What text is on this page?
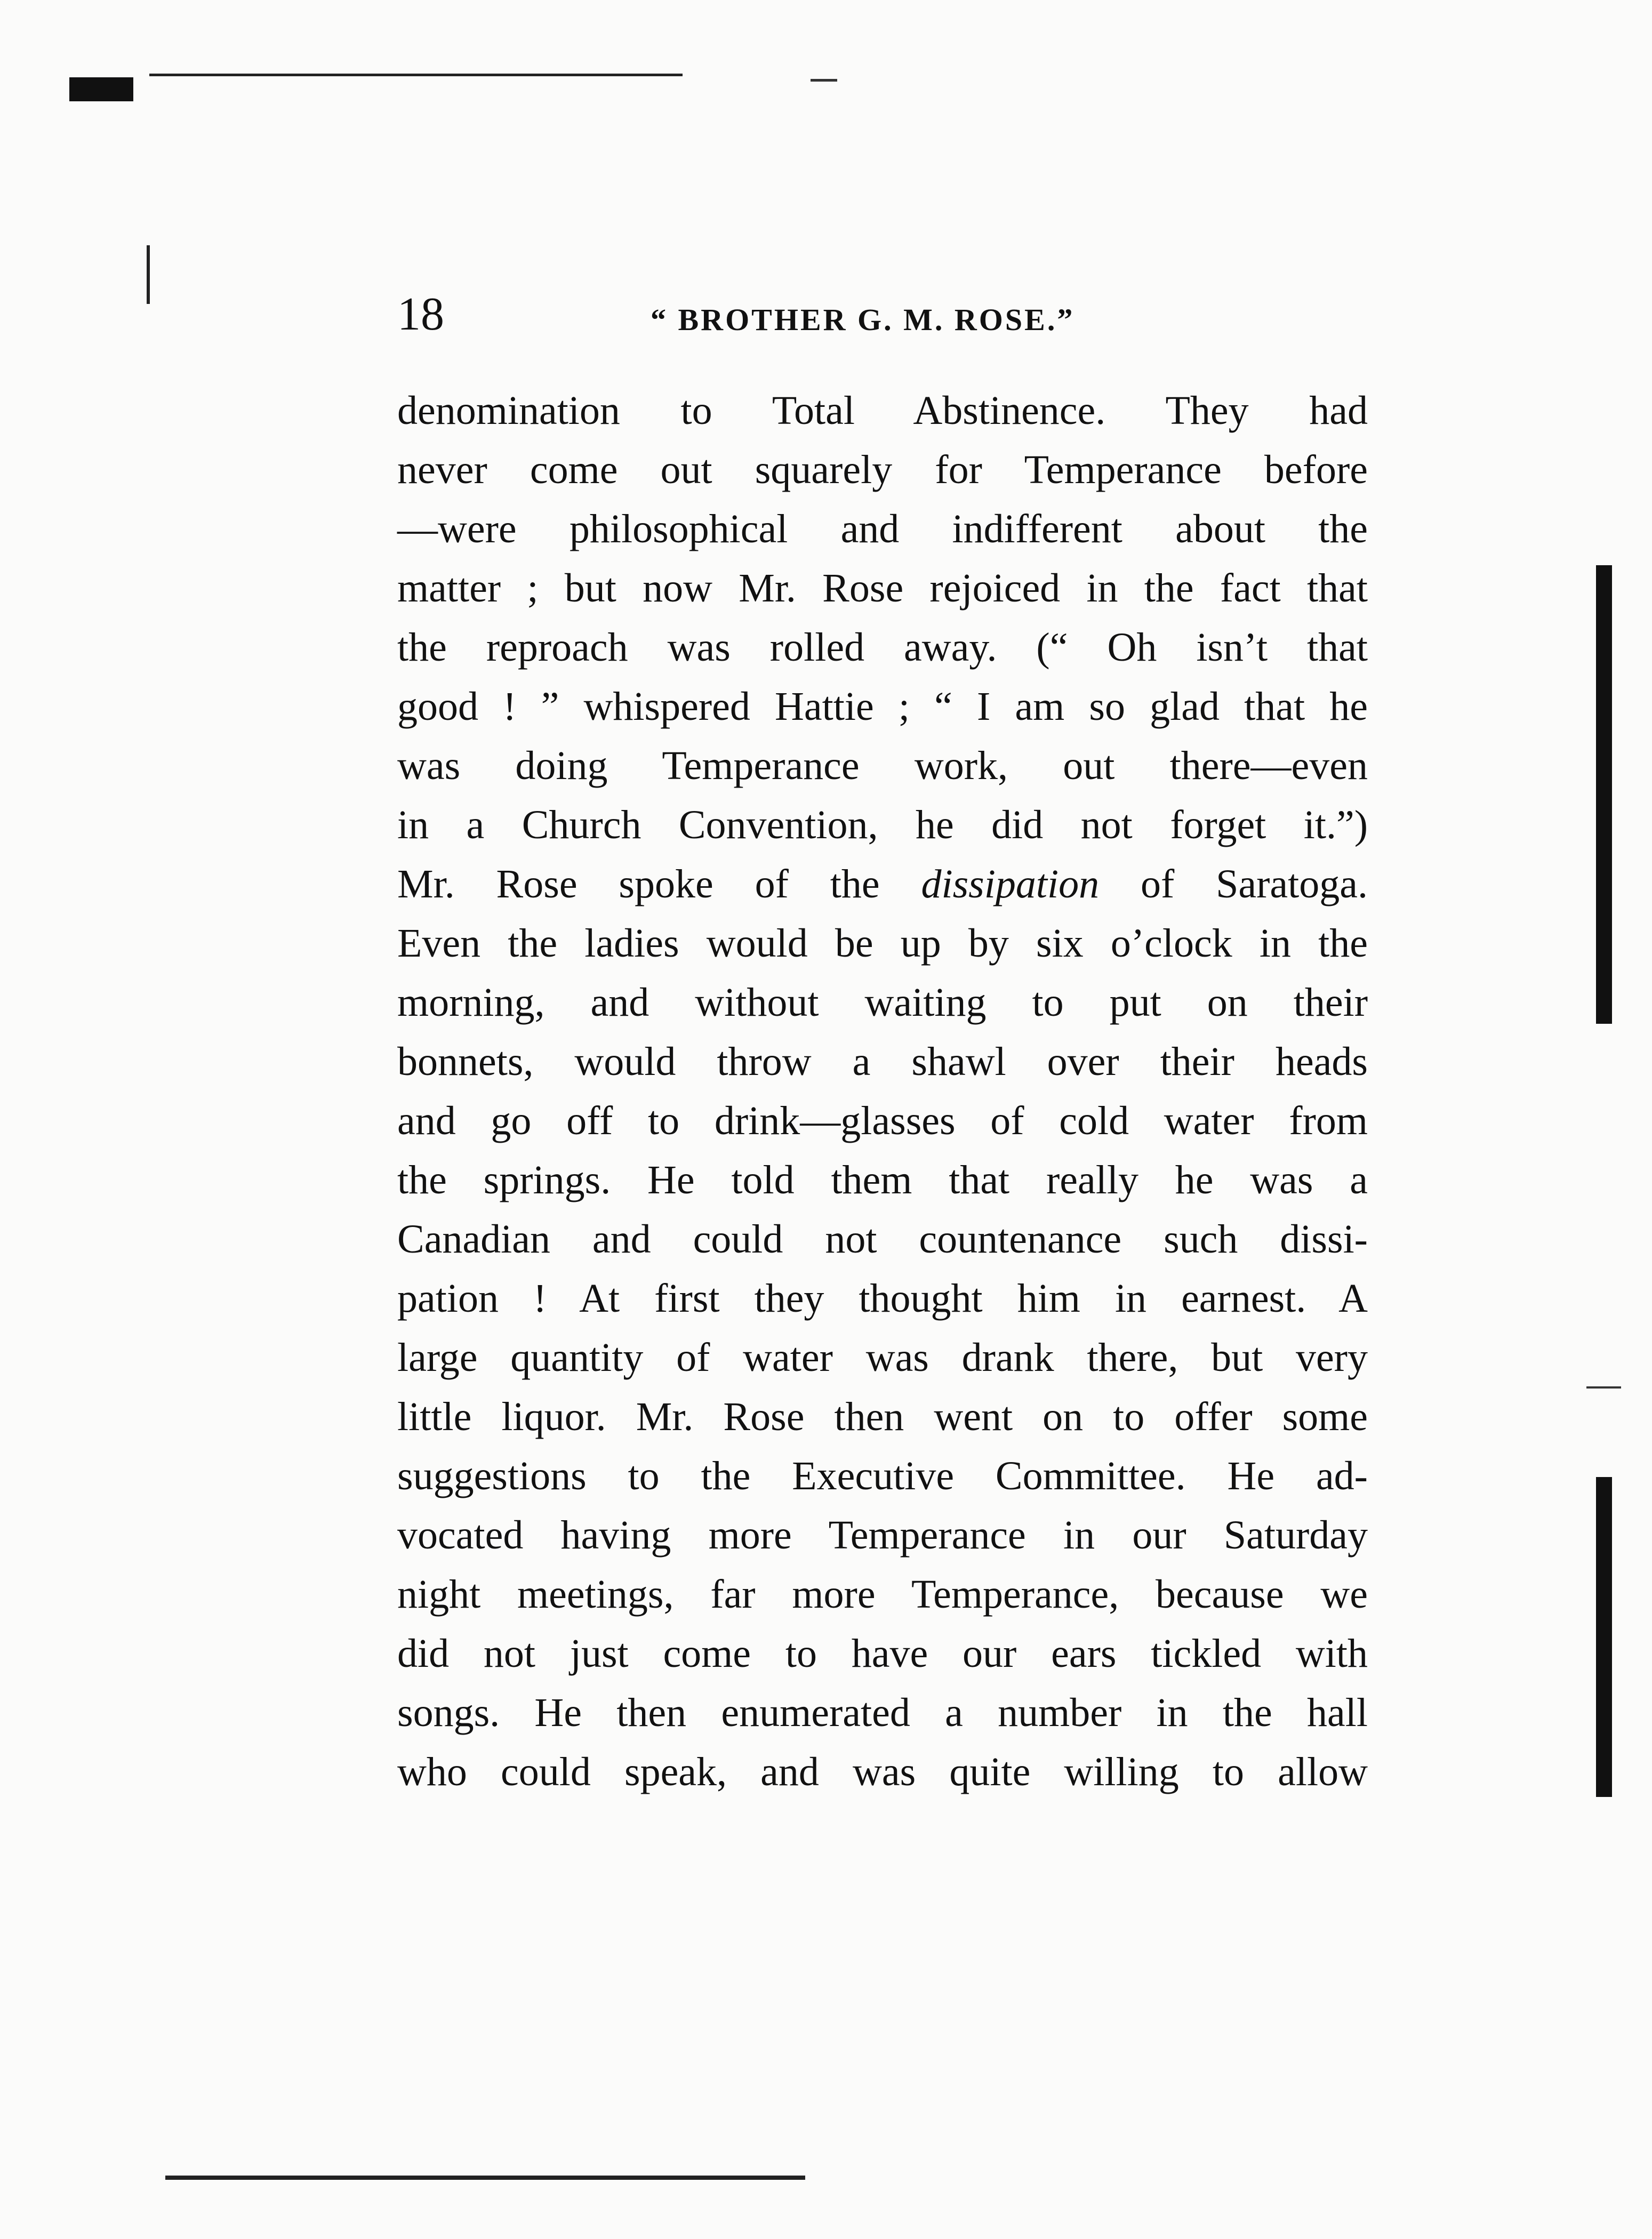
18	“ BROTHER G. M. ROSE.”
denomination to Total Abstinence. They had
never come out squarely for Temperance before
—were philosophical and indifferent about the
matter ; but now Mr. Rose rejoiced in the fact that
the reproach was rolled away. (“ Oh isn’t that
good ! ” whispered Hattie ; “ I am so glad that he
was doing Temperance work, out there—even
in a Church Convention, he did not forget it.”)
Mr. Rose spoke of the dissipation of Saratoga.
Even the ladies would be up by six o’clock in the
morning, and without waiting to put on their
bonnets, would throw a shawl over their heads
and go off to drink—glasses of cold water from
the springs. He told them that really he was a
Canadian and could not countenance such dissi-
pation ! At first they thought him in earnest. A
large quantity of water was drank there, but very
little liquor. Mr. Rose then went on to offer some
suggestions to the Executive Committee. He ad-
vocated having more Temperance in our Saturday
night meetings, far more Temperance, because we
did not just come to have our ears tickled with
songs. He then enumerated a number in the hall
who could speak, and was quite willing to allow
